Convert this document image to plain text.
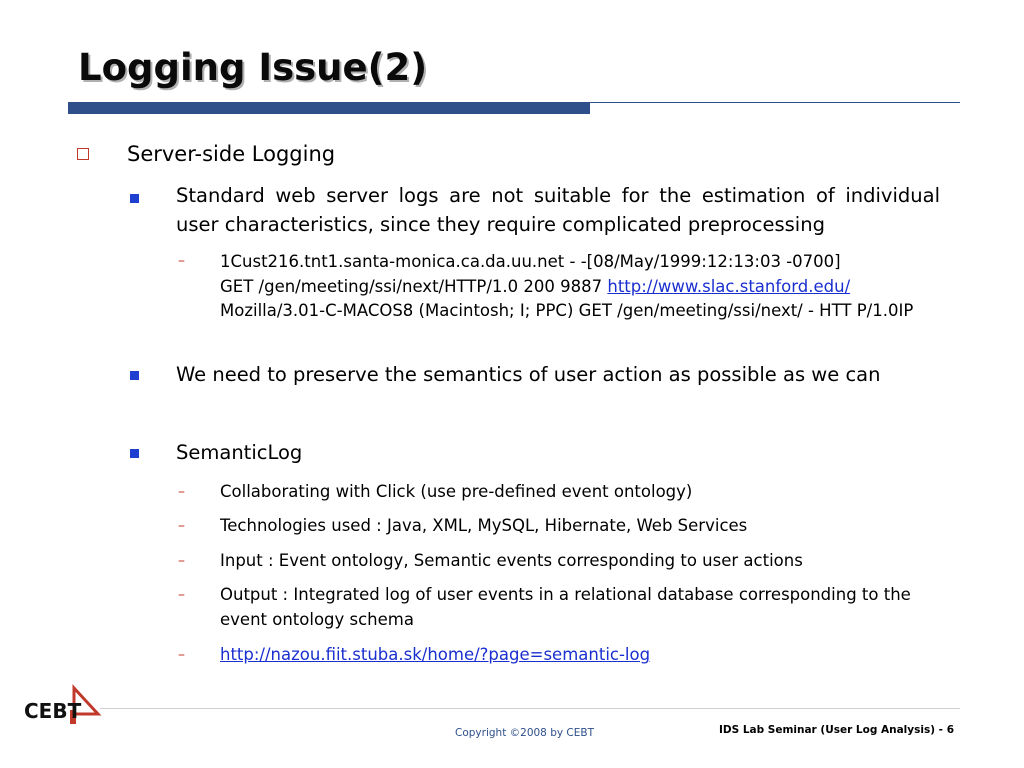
Logging Issue(2)
Server-side Logging
Standard web server logs are not suitable for the estimation of individual user characteristics, since they require complicated preprocessing
– 1Cust216.tnt1.santa-monica.ca.da.uu.net - -[08/May/1999:12:13:03 -0700]
GET /gen/meeting/ssi/next/HTTP/1.0 200 9887 http://www.slac.stanford.edu/
Mozilla/3.01-C-MACOS8 (Macintosh; I; PPC) GET /gen/meeting/ssi/next/ - HTT P/1.0IP
We need to preserve the semantics of user action as possible as we can
SemanticLog
– Collaborating with Click (use pre-defined event ontology)
– Technologies used : Java, XML, MySQL, Hibernate, Web Services
– Input : Event ontology, Semantic events corresponding to user actions
– Output : Integrated log of user events in a relational database corresponding to the event ontology schema
– http://nazou.fiit.stuba.sk/home/?page=semantic-log
CEBT
Copyright ©2008 by CEBT	IDS Lab Seminar (User Log Analysis) - 6
